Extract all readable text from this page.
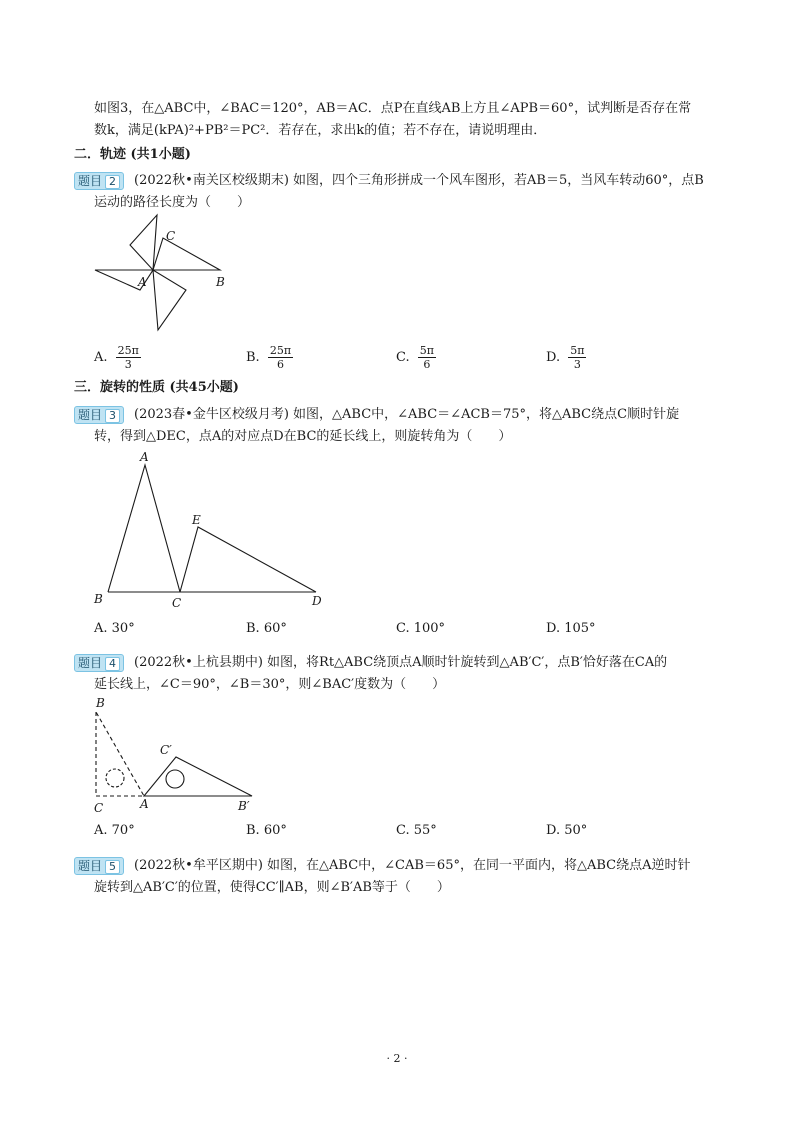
如图3，在△ABC中，∠BAC＝120°，AB＝AC．点P在直线AB上方且∠APB＝60°，试判断是否存在常
数k，满足(kPA)²+PB²＝PC²．若存在，求出k的值；若不存在，请说明理由．
二．轨迹 (共1小题)
题目 2	(2022秋•南关区校级期末) 如图，四个三角形拼成一个风车图形，若AB＝5，当风车转动60°，点B
运动的路径长度为（　　）
C
A	B
A. $\frac{25\pi}{3}$	B. $\frac{25\pi}{6}$	C. $\frac{5\pi}{6}$	D. $\frac{5\pi}{3}$
三．旋转的性质 (共45小题)
题目 3	(2023春•金牛区校级月考) 如图，△ABC中，∠ABC＝∠ACB＝75°，将△ABC绕点C顺时针旋
转，得到△DEC，点A的对应点D在BC的延长线上，则旋转角为（　　）
A
E
B	C	D
A. 30°	B. 60°	C. 100°	D. 105°
题目 4	(2022秋•上杭县期中) 如图，将Rt△ABC绕顶点A顺时针旋转到△AB′C′，点B′恰好落在CA的
延长线上，∠C＝90°，∠B＝30°，则∠BAC′度数为（　　）
B
C′
C	A	B′
A. 70°	B. 60°	C. 55°	D. 50°
题目 5	(2022秋•牟平区期中) 如图，在△ABC中，∠CAB＝65°，在同一平面内，将△ABC绕点A逆时针
旋转到△AB′C′的位置，使得CC′∥AB，则∠B′AB等于（　　）
· 2 ·
